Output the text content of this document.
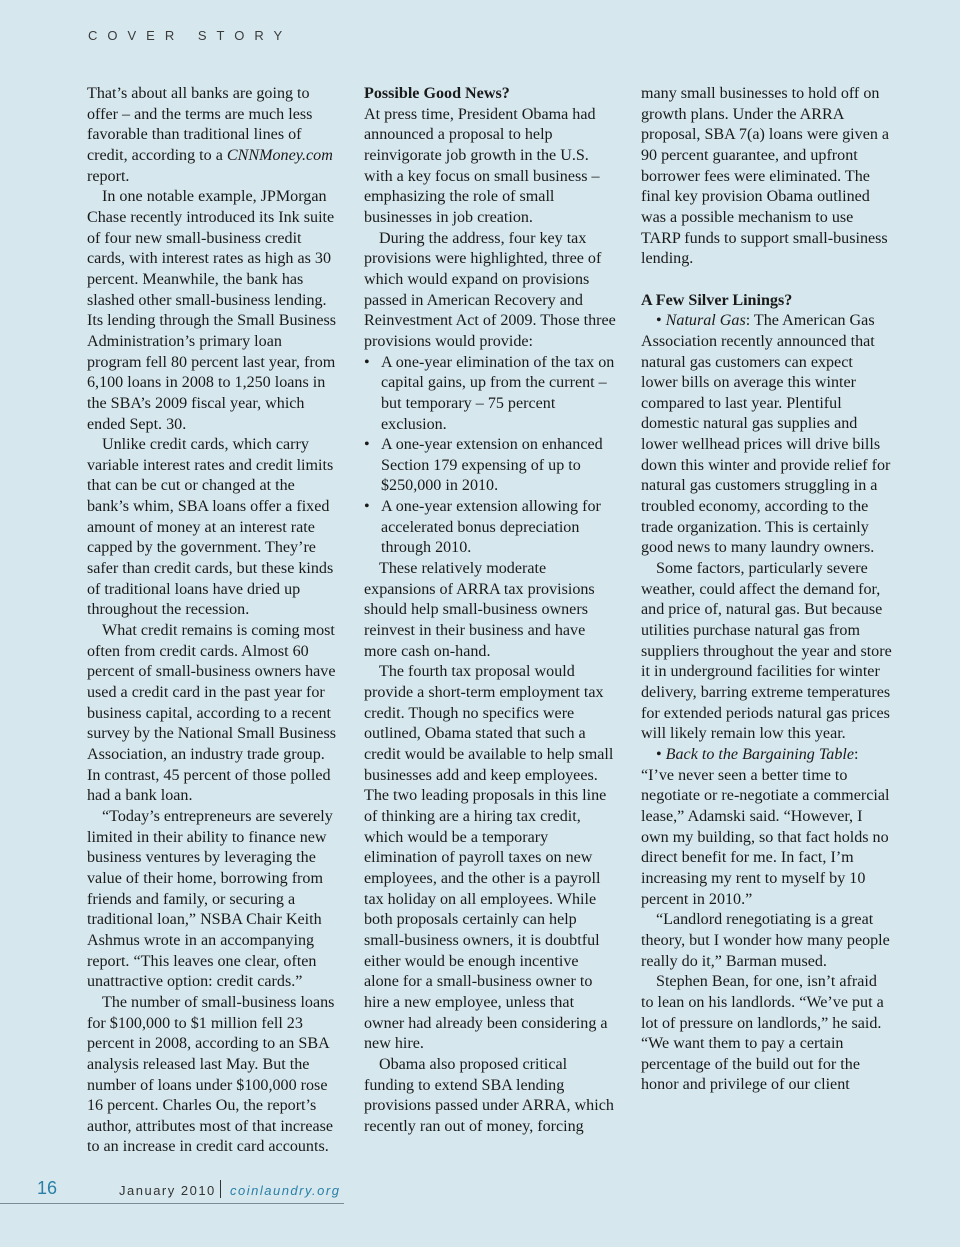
COVER STORY

That’s about all banks are going to offer – and the terms are much less favorable than traditional lines of credit, according to a CNNMoney.com report.

In one notable example, JPMorgan Chase recently introduced its Ink suite of four new small-business credit cards, with interest rates as high as 30 percent. Meanwhile, the bank has slashed other small-business lending. Its lending through the Small Business Administration’s primary loan program fell 80 percent last year, from 6,100 loans in 2008 to 1,250 loans in the SBA’s 2009 fiscal year, which ended Sept. 30.

Unlike credit cards, which carry variable interest rates and credit limits that can be cut or changed at the bank’s whim, SBA loans offer a fixed amount of money at an interest rate capped by the government. They’re safer than credit cards, but these kinds of traditional loans have dried up throughout the recession.

What credit remains is coming most often from credit cards. Almost 60 percent of small-business owners have used a credit card in the past year for business capital, according to a recent survey by the National Small Business Association, an industry trade group. In contrast, 45 percent of those polled had a bank loan.

“Today’s entrepreneurs are severely limited in their ability to finance new business ventures by leveraging the value of their home, borrowing from friends and family, or securing a traditional loan,” NSBA Chair Keith Ashmus wrote in an accompanying report. “This leaves one clear, often unattractive option: credit cards.”

The number of small-business loans for $100,000 to $1 million fell 23 percent in 2008, according to an SBA analysis released last May. But the number of loans under $100,000 rose 16 percent. Charles Ou, the report’s author, attributes most of that increase to an increase in credit card accounts.

Possible Good News?

At press time, President Obama had announced a proposal to help reinvigorate job growth in the U.S. with a key focus on small business – emphasizing the role of small businesses in job creation.

During the address, four key tax provisions were highlighted, three of which would expand on provisions passed in American Recovery and Reinvestment Act of 2009. Those three provisions would provide:

• A one-year elimination of the tax on capital gains, up from the current – but temporary – 75 percent exclusion.
• A one-year extension on enhanced Section 179 expensing of up to $250,000 in 2010.
• A one-year extension allowing for accelerated bonus depreciation through 2010.

These relatively moderate expansions of ARRA tax provisions should help small-business owners reinvest in their business and have more cash on-hand.

The fourth tax proposal would provide a short-term employment tax credit. Though no specifics were outlined, Obama stated that such a credit would be available to help small businesses add and keep employees. The two leading proposals in this line of thinking are a hiring tax credit, which would be a temporary elimination of payroll taxes on new employees, and the other is a payroll tax holiday on all employees. While both proposals certainly can help small-business owners, it is doubtful either would be enough incentive alone for a small-business owner to hire a new employee, unless that owner had already been considering a new hire.

Obama also proposed critical funding to extend SBA lending provisions passed under ARRA, which recently ran out of money, forcing

many small businesses to hold off on growth plans. Under the ARRA proposal, SBA 7(a) loans were given a 90 percent guarantee, and upfront borrower fees were eliminated. The final key provision Obama outlined was a possible mechanism to use TARP funds to support small-business lending.

A Few Silver Linings?

• Natural Gas: The American Gas Association recently announced that natural gas customers can expect lower bills on average this winter compared to last year. Plentiful domestic natural gas supplies and lower wellhead prices will drive bills down this winter and provide relief for natural gas customers struggling in a troubled economy, according to the trade organization. This is certainly good news to many laundry owners.

Some factors, particularly severe weather, could affect the demand for, and price of, natural gas. But because utilities purchase natural gas from suppliers throughout the year and store it in underground facilities for winter delivery, barring extreme temperatures for extended periods natural gas prices will likely remain low this year.

• Back to the Bargaining Table: “I’ve never seen a better time to negotiate or re-negotiate a commercial lease,” Adamski said. “However, I own my building, so that fact holds no direct benefit for me. In fact, I’m increasing my rent to myself by 10 percent in 2010.”

“Landlord renegotiating is a great theory, but I wonder how many people really do it,” Barman mused.

Stephen Bean, for one, isn’t afraid to lean on his landlords. “We’ve put a lot of pressure on landlords,” he said. “We want them to pay a certain percentage of the build out for the honor and privilege of our client

16	January 2010 coinlaundry.org
